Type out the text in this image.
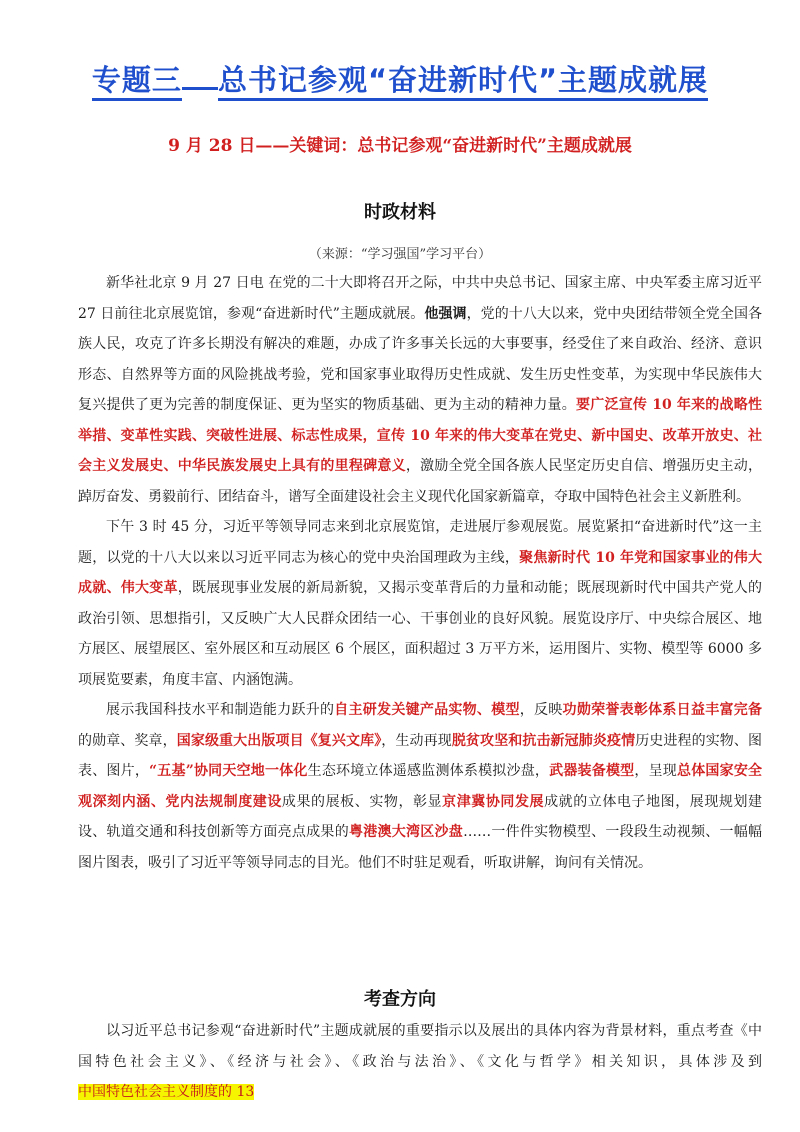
专题三 总书记参观“奋进新时代”主题成就展
9 月 28 日——关键词：总书记参观“奋进新时代”主题成就展
时政材料
（来源：“学习强国”学习平台）

新华社北京 9 月 27 日电 在党的二十大即将召开之际，中共中央总书记、国家主席、中央军委主席习近平 27 日前往北京展览馆，参观“奋进新时代”主题成就展。他强调，党的十八大以来，党中央团结带领全党全国各族人民，攻克了许多长期没有解决的难题，办成了许多事关长远的大事要事，经受住了来自政治、经济、意识形态、自然界等方面的风险挑战考验，党和国家事业取得历史性成就、发生历史性变革，为实现中华民族伟大复兴提供了更为完善的制度保证、更为坚实的物质基础、更为主动的精神力量。要广泛宣传 10 年来的战略性举措、变革性实践、突破性进展、标志性成果，宣传 10 年来的伟大变革在党史、新中国史、改革开放史、社会主义发展史、中华民族发展史上具有的里程碑意义，激励全党全国各族人民坚定历史自信、增强历史主动，踔厉奋发、勇毅前行、团结奋斗，谱写全面建设社会主义现代化国家新篇章，夺取中国特色社会主义新胜利。

下午 3 时 45 分，习近平等领导同志来到北京展览馆，走进展厅参观展览。展览紧扣“奋进新时代”这一主题，以党的十八大以来以习近平同志为核心的党中央治国理政为主线，聚焦新时代 10 年党和国家事业的伟大成就、伟大变革，既展现事业发展的新局新貌，又揭示变革背后的力量和动能；既展现新时代中国共产党人的政治引领、思想指引，又反映广大人民群众团结一心、干事创业的良好风貌。展览设序厅、中央综合展区、地方展区、展望展区、室外展区和互动展区 6 个展区，面积超过 3 万平方米，运用图片、实物、模型等 6000 多项展览要素，角度丰富、内涵饱满。

展示我国科技水平和制造能力跃升的自主研发关键产品实物、模型，反映功勋荣誉表彰体系日益丰富完备的勋章、奖章，国家级重大出版项目《复兴文库》，生动再现脱贫攻坚和抗击新冠肺炎疫情历史进程的实物、图表、图片，“五基”协同天空地一体化生态环境立体遥感监测体系模拟沙盘，武器装备模型，呈现总体国家安全观深刻内涵、党内法规制度建设成果的展板、实物，彰显京津冀协同发展成就的立体电子地图，展现规划建设、轨道交通和科技创新等方面亮点成果的粤港澳大湾区沙盘……一件件实物模型、一段段生动视频、一幅幅图片图表，吸引了习近平等领导同志的目光。他们不时驻足观看，听取讲解，询问有关情况。

考查方向

以习近平总书记参观“奋进新时代”主题成就展的重要指示以及展出的具体内容为背景材料，重点考查《中国特色社会主义》、《经济与社会》、《政治与法治》、《文化与哲学》相关知识，具体涉及到中国特色社会主义制度的 13
